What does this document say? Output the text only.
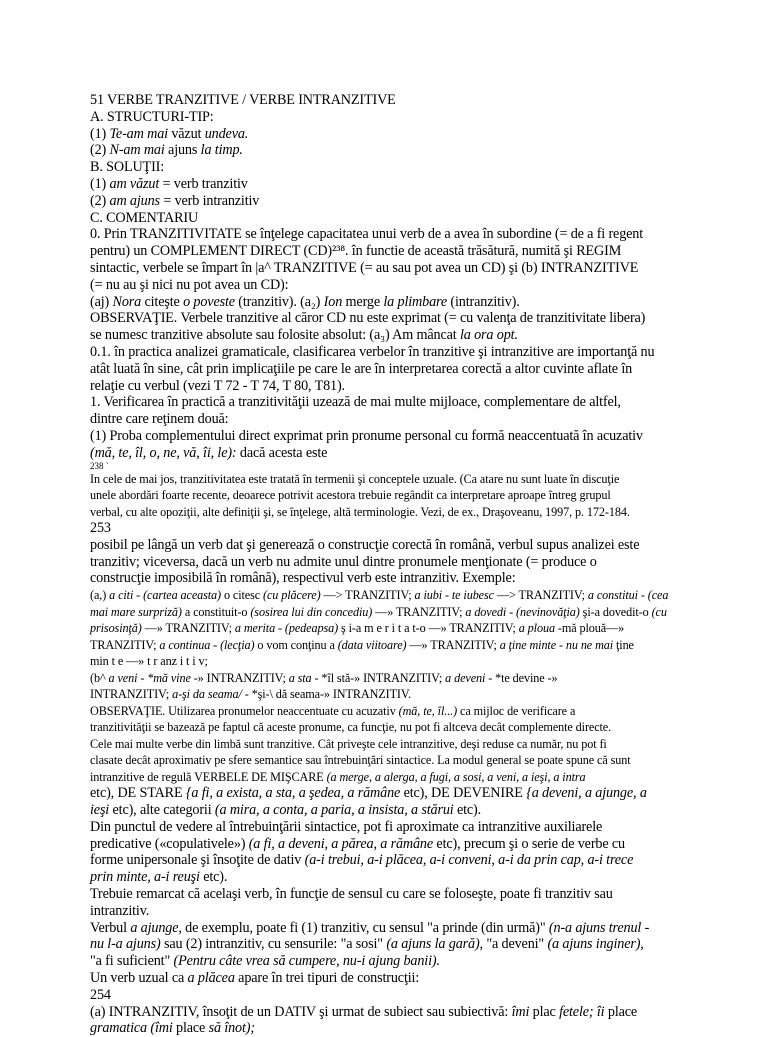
51 VERBE TRANZITIVE / VERBE INTRANZITIVE
A. STRUCTURI-TIP:
(1) Te-am mai văzut undeva.
(2) N-am mai ajuns la timp.
B. SOLUŢII:
(1) am văzut = verb tranzitiv
(2) am ajuns = verb intranzitiv
C. COMENTARIU
0. Prin TRANZITIVITATE se înţelege capacitatea unui verb de a avea în subordine (= de a fi regent
pentru) un COMPLEMENT DIRECT (CD)²³⁸. în functie de această trăsătură, numită şi REGIM
sintactic, verbele se împart în |a^ TRANZITIVE (= au sau pot avea un CD) şi (b) INTRANZITIVE
(= nu au şi nici nu pot avea un CD):
(aj) Nora citeşte o poveste (tranzitiv). (a₂) Ion merge la plimbare (intranzitiv).
OBSERVAŢIE. Verbele tranzitive al căror CD nu este exprimat (= cu valenţa de tranzitivitate libera)
se numesc tranzitive absolute sau folosite absolut: (a₃) Am mâncat la ora opt.
0.1. în practica analizei gramaticale, clasificarea verbelor în tranzitive şi intranzitive are importanţă nu
atât luată în sine, cât prin implicaţiile pe care le are în interpretarea corectă a altor cuvinte aflate în
relaţie cu verbul (vezi T 72 - T 74, T 80, T81).
1. Verificarea în practică a tranzitivităţii uzează de mai multe mijloace, complementare de altfel,
dintre care reţinem două:
(1) Proba complementului direct exprimat prin pronume personal cu formă neaccentuată în acuzativ
(mă, te, îl, o, ne, vă, îi, le): dacă acesta este
238 `
In cele de mai jos, tranzitivitatea este tratată în termenii şi conceptele uzuale. (Ca atare nu sunt luate în discuţie
unele abordări foarte recente, deoarece potrivit acestora trebuie regândit ca interpretare aproape întreg grupul
verbal, cu alte opoziţii, alte definiţii şi, se înţelege, altă terminologie. Vezi, de ex., Draşoveanu, 1997, p. 172-184.
253
posibil pe lângă un verb dat şi generează o construcţie corectă în română, verbul supus analizei este
tranzitiv; viceversa, dacă un verb nu admite unul dintre pronumele menţionate (= produce o
construcţie imposibilă în română), respectivul verb este intranzitiv. Exemple:
(a,) a citi - (cartea aceasta) o citesc (cu plăcere) —> TRANZITIV; a iubi - te iubesc —> TRANZITIV; a constitui - (cea
mai mare surpriză) a constituit-o (sosirea lui din concediu) —» TRANZITIV; a dovedi - (nevinovăţia) şi-a dovedit-o (cu
prisosinţă) —» TRANZITIV; a merita - (pedeapsa) ş i-a m e r i t a t-o —» TRANZITIV; a ploua -mă plouă—»
TRANZITIV; a continua - (lecţia) o vom conţinu a (data viitoare) —» TRANZITIV; a ţine minte - nu ne mai ţine
min t e —» t r anz i t i v;
(b^ a veni - *mă vine -» INTRANZITIV; a sta - *îl stă-» INTRANZITIV; a deveni - *te devine -»
INTRANZITIV; a-şi da seama/ - *şi-\ dă seama-» INTRANZITIV.
OBSERVAŢIE. Utilizarea pronumelor neaccentuate cu acuzativ (mă, te, îl...) ca mijloc de verificare a
tranzitivităţii se bazează pe faptul că aceste pronume, ca funcţie, nu pot fi altceva decât complemente directe.
Cele mai multe verbe din limbă sunt tranzitive. Cât priveşte cele intranzitive, deşi reduse ca număr, nu pot fi
clasate decât aproximativ pe sfere semantice sau întrebuinţări sintactice. La modul general se poate spune că sunt
intranzitive de regulă VERBELE DE MIŞCARE (a merge, a alerga, a fugi, a sosi, a veni, a ieşi, a intra
etc), DE STARE {a fi, a exista, a sta, a şedea, a rămâne etc), DE DEVENIRE {a deveni, a ajunge, a
ieşi etc), alte categorii (a mira, a conta, a paria, a insista, a stărui etc).
Din punctul de vedere al întrebuinţării sintactice, pot fi aproximate ca intranzitive auxiliarele
predicative («copulativele») (a fi, a deveni, a părea, a rămâne etc), precum şi o serie de verbe cu
forme unipersonale şi însoţite de dativ (a-i trebui, a-i plăcea, a-i conveni, a-i da prin cap, a-i trece
prin minte, a-i reuşi etc).
Trebuie remarcat că acelaşi verb, în funcţie de sensul cu care se foloseşte, poate fi tranzitiv sau
intranzitiv.
Verbul a ajunge, de exemplu, poate fi (1) tranzitiv, cu sensul "a prinde (din urmă)" (n-a ajuns trenul -
nu l-a ajuns) sau (2) intranzitiv, cu sensurile: "a sosi" (a ajuns la gară), "a deveni" (a ajuns inginer),
"a fi suficient" (Pentru câte vrea să cumpere, nu-i ajung banii).
Un verb uzual ca a plăcea apare în trei tipuri de construcţii:
254
(a) INTRANZITIV, însoţit de un DATIV şi urmat de subiect sau subiectivă: îmi plac fetele; îi place
gramatica (îmi place să înot);
